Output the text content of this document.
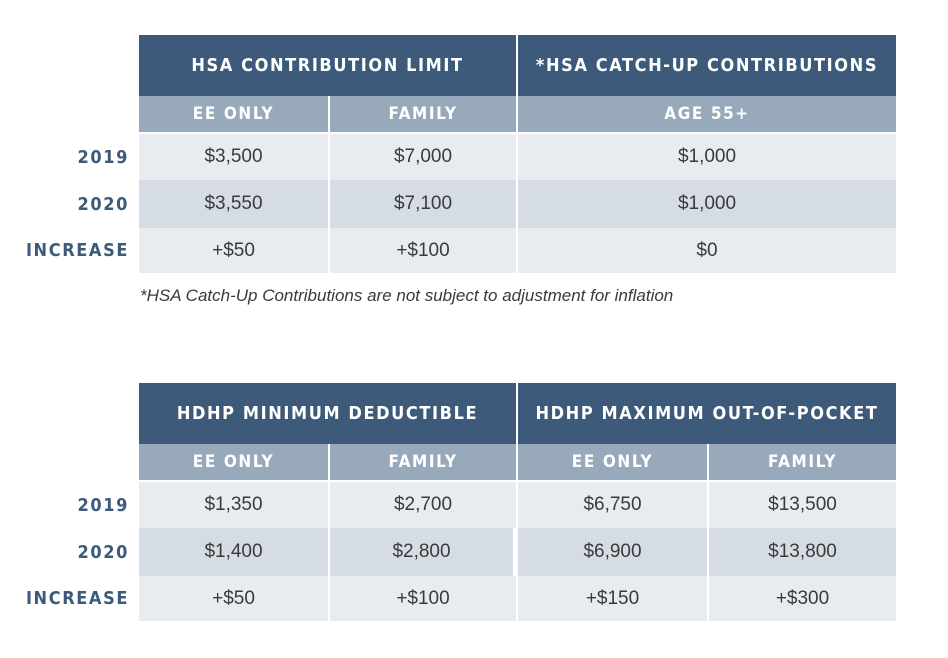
HSA CONTRIBUTION LIMIT	*HSA CATCH-UP CONTRIBUTIONS
EE ONLY	FAMILY	AGE 55+
2019	$3,500	$7,000	$1,000
2020	$3,550	$7,100	$1,000
INCREASE	+$50	+$100	$0
*HSA Catch-Up Contributions are not subject to adjustment for inflation
HDHP MINIMUM DEDUCTIBLE	HDHP MAXIMUM OUT-OF-POCKET
EE ONLY	FAMILY	EE ONLY	FAMILY
2019	$1,350	$2,700	$6,750	$13,500
2020	$1,400	$2,800	$6,900	$13,800
INCREASE	+$50	+$100	+$150	+$300
